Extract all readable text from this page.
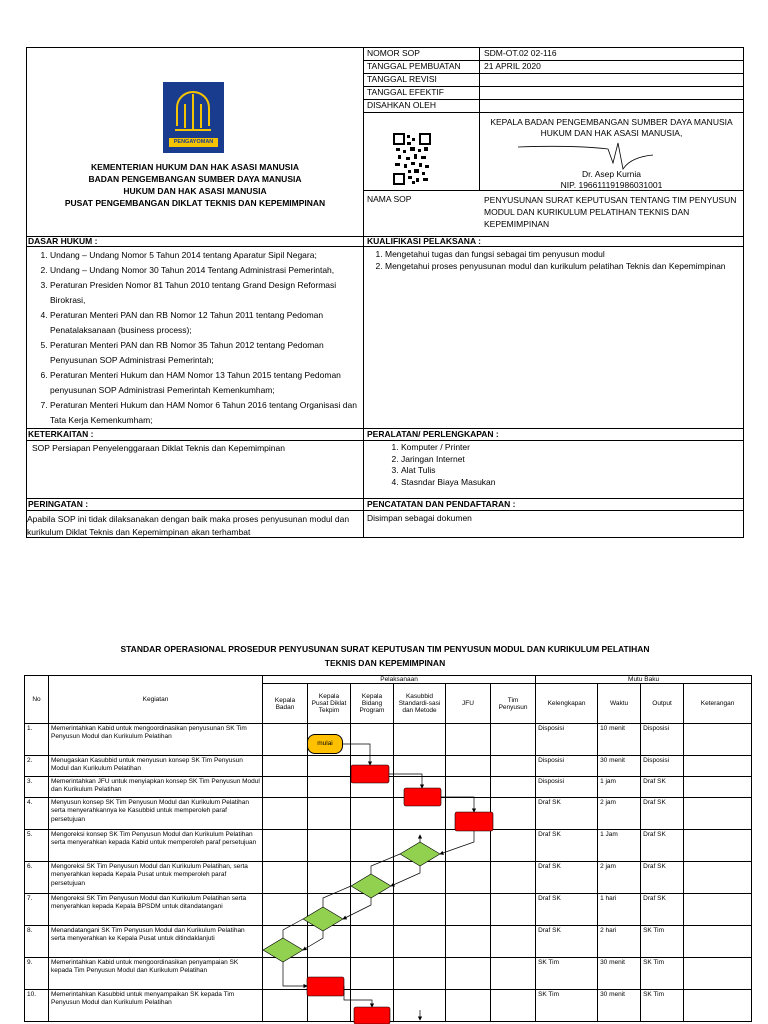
PENGAYOMAN
KEMENTERIAN HUKUM DAN HAK ASASI MANUSIA
BADAN PENGEMBANGAN SUMBER DAYA MANUSIA
HUKUM DAN HAK ASASI MANUSIA
PUSAT PENGEMBANGAN DIKLAT TEKNIS DAN KEPEMIMPINAN
NOMOR SOP	SDM-OT.02 02-116
TANGGAL PEMBUATAN	21 APRIL 2020
TANGGAL REVISI
TANGGAL EFEKTIF
DISAHKAN OLEH
KEPALA BADAN PENGEMBANGAN SUMBER DAYA MANUSIA
HUKUM DAN HAK ASASI MANUSIA,
Dr. Asep Kurnia
NIP. 196611191986031001
NAMA SOP	PENYUSUNAN SURAT KEPUTUSAN TENTANG TIM PENYUSUN MODUL DAN KURIKULUM PELATIHAN TEKNIS DAN KEPEMIMPINAN
DASAR HUKUM :	KUALIFIKASI PELAKSANA :
1. Undang – Undang Nomor 5 Tahun 2014 tentang Aparatur Sipil Negara;
2. Undang – Undang Nomor 30 Tahun 2014 Tentang Administrasi Pemerintah,
3. Peraturan Presiden Nomor 81 Tahun 2010 tentang Grand Design Reformasi Birokrasi,
4. Peraturan Menteri PAN dan RB Nomor 12 Tahun 2011 tentang Pedoman Penatalaksanaan (business process);
5. Peraturan Menteri PAN dan RB Nomor 35 Tahun 2012 tentang Pedoman Penyusunan SOP Administrasi Pemerintah;
6. Peraturan Menteri Hukum dan HAM Nomor 13 Tahun 2015 tentang Pedoman penyusunan SOP Administrasi Pemerintah Kemenkumham;
7. Peraturan Menteri Hukum dan HAM Nomor 6 Tahun 2016 tentang Organisasi dan Tata Kerja Kemenkumham;
1. Mengetahui tugas dan fungsi sebagai tim penyusun modul
2. Mengetahui proses penyusunan modul dan kurikulum pelatihan Teknis dan Kepemimpinan
KETERKAITAN :	PERALATAN/ PERLENGKAPAN :
SOP Persiapan Penyelenggaraan Diklat Teknis dan Kepemimpinan	1. Komputer / Printer
2. Jaringan Internet
3. Alat Tulis
4. Stasndar Biaya Masukan
PERINGATAN :	PENCATATAN DAN PENDAFTARAN :
Apabila SOP ini tidak dilaksanakan dengan baik maka proses penyusunan modul dan kurikulum Diklat Teknis dan Kepemimpinan akan terhambat
Disimpan sebagai dokumen
STANDAR OPERASIONAL PROSEDUR PENYUSUNAN SURAT KEPUTUSAN TIM PENYUSUN MODUL DAN KURIKULUM PELATIHAN
TEKNIS DAN KEPEMIMPINAN
No	Kegiatan	Pelaksanaan						Mutu Baku			
		Kepala Badan	Kepala Pusat Diklat Tekpim	Kepala Bidang Program	Kasubbid Standardi-sasi dan Metode	JFU	Tim Penyusun	Kelengkapan	Waktu	Output	Keterangan
1.	Memerintahkan Kabid untuk mengoordinasikan penyusunan SK Tim Penyusun Modul dan Kurikulum Pelatihan							Disposisi	10 menit	Disposisi	
2.	Menugaskan Kasubbid untuk menyusun konsep SK Tim Penyusun Modul dan Kurikulum Pelatihan							Disposisi	30 menit	Disposisi	
3.	Memerintahkan JFU untuk menyiapkan konsep SK Tim Penyusun Modul dan Kurikulum Pelatihan							Disposisi	1 jam	Draf SK	
4.	Menyusun konsep SK Tim Penyusun Modul dan Kurikulum Pelatihan serta menyerahkannya ke Kasubbid untuk memperoleh paraf persetujuan							Draf SK	2 jam	Draf SK	
5.	Mengoreksi konsep SK Tim Penyusun Modul dan Kurikulum Pelatihan serta menyerahkan kepada Kabid untuk memperoleh paraf persetujuan							Draf SK	1 Jam	Draf SK	
6.	Mengoreksi SK Tim Penyusun Modul dan Kurikulum Pelatihan, serta menyerahkan kepada Kepala Pusat untuk memperoleh paraf persetujuan							Draf SK	2 jam	Draf SK	
7.	Mengoreksi SK Tim Penyusun Modul dan Kurikulum Pelatihan serta menyerahkan kepada Kepala BPSDM untuk ditandatangani							Draf SK	1 hari	Draf SK	
8.	Menandatangani SK Tim Penyusun Modul dan Kurikulum Pelatihan serta menyerahkan ke Kepala Pusat untuk ditindaklanjuti							Draf SK	2 hari	SK Tim	
9.	Memerintahkan Kabid untuk mengoordinasikan penyampaian SK kepada Tim Penyusun Modul dan Kurikulum Pelatihan							SK Tim	30 menit	SK Tim	
10.	Memerintahkan Kasubbid untuk menyampaikan SK kepada Tim Penyusun Modul dan Kurikulum Pelatihan							SK Tim	30 menit	SK Tim	
mulai
